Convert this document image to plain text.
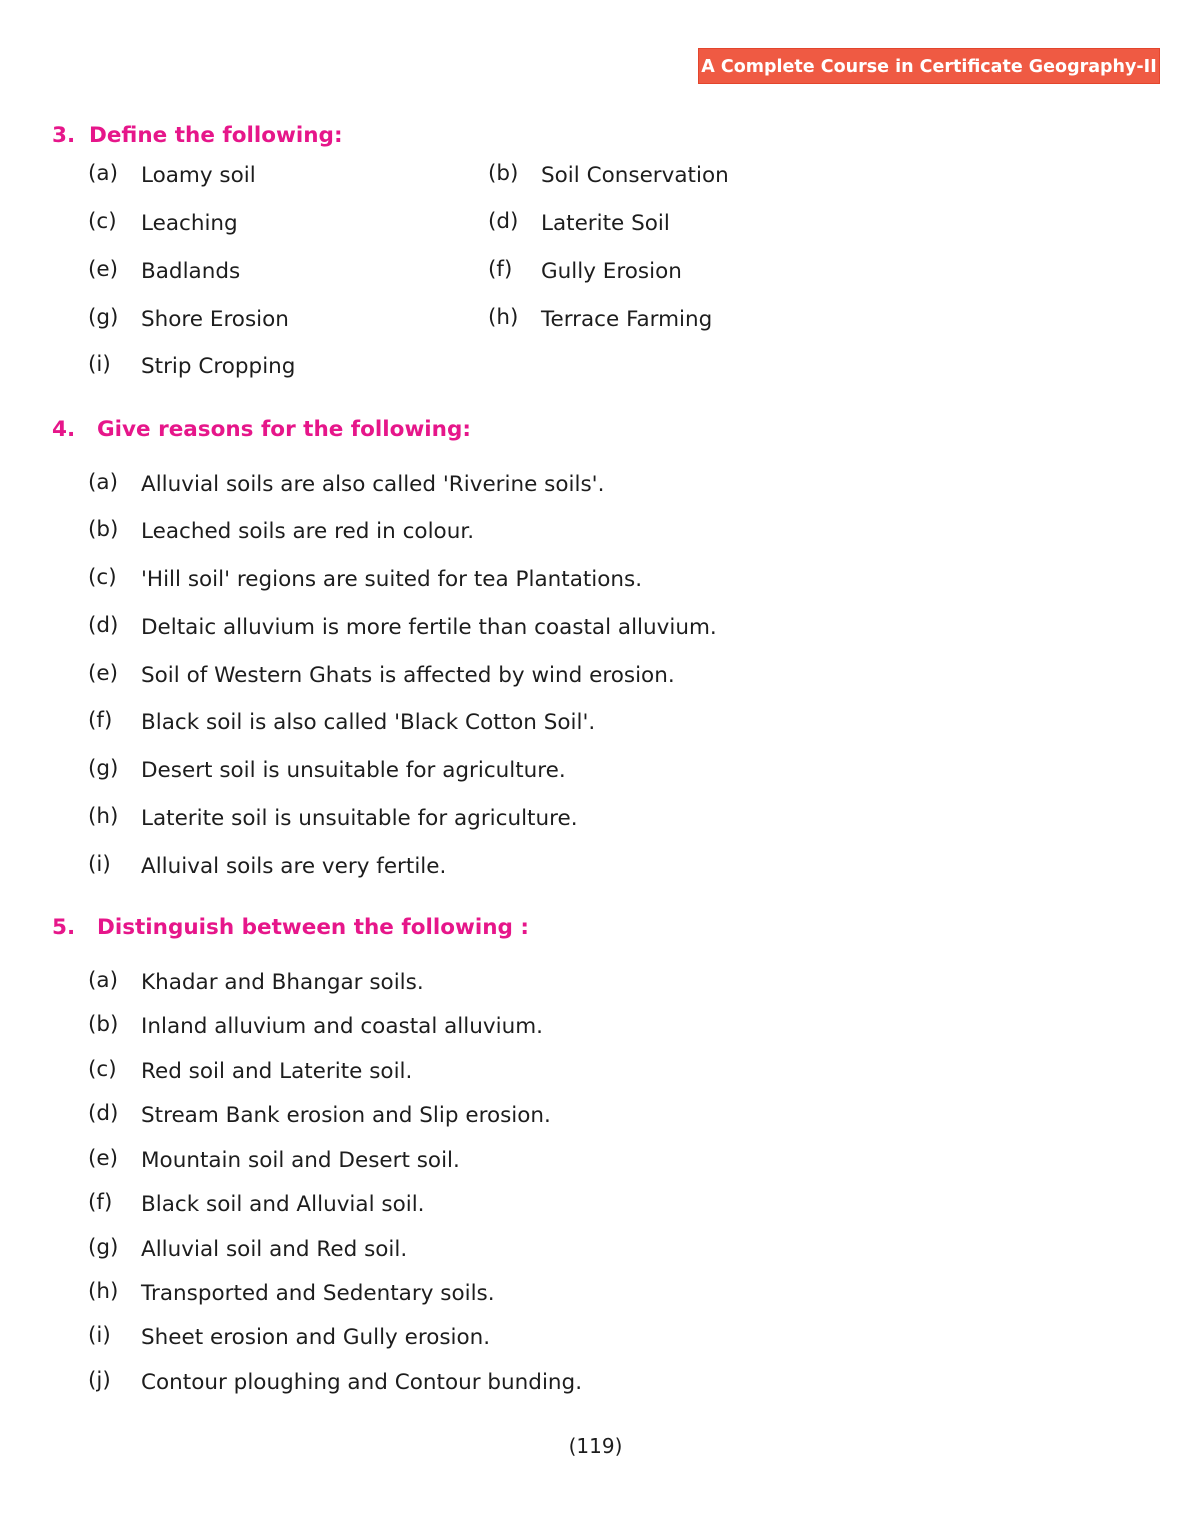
A Complete Course in Certificate Geography-II
3. Define the following:
(a) Loamy soil	(b) Soil Conservation
(c) Leaching	(d) Laterite Soil
(e) Badlands	(f) Gully Erosion
(g) Shore Erosion	(h) Terrace Farming
(i) Strip Cropping
4. Give reasons for the following:
(a) Alluvial soils are also called 'Riverine soils'.
(b) Leached soils are red in colour.
(c) 'Hill soil' regions are suited for tea Plantations.
(d) Deltaic alluvium is more fertile than coastal alluvium.
(e) Soil of Western Ghats is affected by wind erosion.
(f) Black soil is also called 'Black Cotton Soil'.
(g) Desert soil is unsuitable for agriculture.
(h) Laterite soil is unsuitable for agriculture.
(i) Alluival soils are very fertile.
5. Distinguish between the following :
(a) Khadar and Bhangar soils.
(b) Inland alluvium and coastal alluvium.
(c) Red soil and Laterite soil.
(d) Stream Bank erosion and Slip erosion.
(e) Mountain soil and Desert soil.
(f) Black soil and Alluvial soil.
(g) Alluvial soil and Red soil.
(h) Transported and Sedentary soils.
(i) Sheet erosion and Gully erosion.
(j) Contour ploughing and Contour bunding.
(119)
